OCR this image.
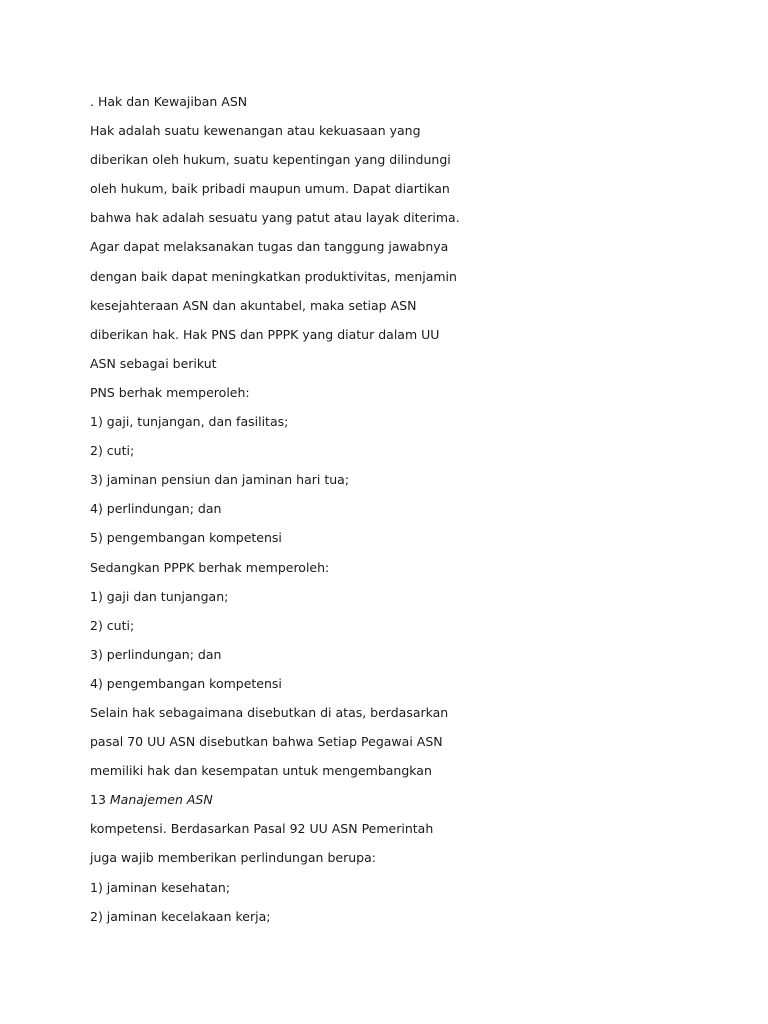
. Hak dan Kewajiban ASN
Hak adalah suatu kewenangan atau kekuasaan yang
diberikan oleh hukum, suatu kepentingan yang dilindungi
oleh hukum, baik pribadi maupun umum. Dapat diartikan
bahwa hak adalah sesuatu yang patut atau layak diterima.
Agar dapat melaksanakan tugas dan tanggung jawabnya
dengan baik dapat meningkatkan produktivitas, menjamin
kesejahteraan ASN dan akuntabel, maka setiap ASN
diberikan hak. Hak PNS dan PPPK yang diatur dalam UU
ASN sebagai berikut
PNS berhak memperoleh:
1) gaji, tunjangan, dan fasilitas;
2) cuti;
3) jaminan pensiun dan jaminan hari tua;
4) perlindungan; dan
5) pengembangan kompetensi
Sedangkan PPPK berhak memperoleh:
1) gaji dan tunjangan;
2) cuti;
3) perlindungan; dan
4) pengembangan kompetensi
Selain hak sebagaimana disebutkan di atas, berdasarkan
pasal 70 UU ASN disebutkan bahwa Setiap Pegawai ASN
memiliki hak dan kesempatan untuk mengembangkan
13 Manajemen ASN
kompetensi. Berdasarkan Pasal 92 UU ASN Pemerintah
juga wajib memberikan perlindungan berupa:
1) jaminan kesehatan;
2) jaminan kecelakaan kerja;
